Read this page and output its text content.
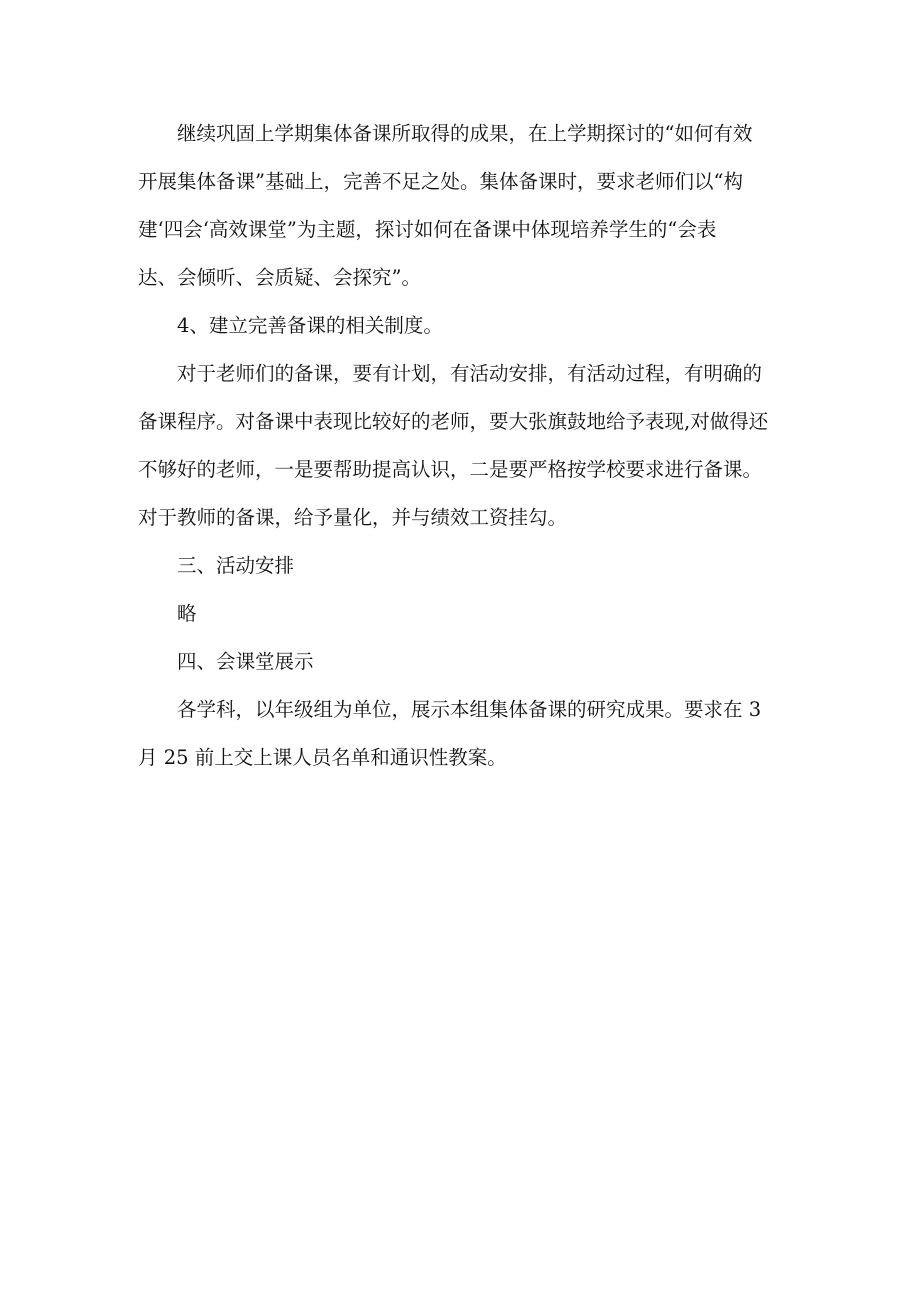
继续巩固上学期集体备课所取得的成果，在上学期探讨的“如何有效
开展集体备课”基础上，完善不足之处。集体备课时，要求老师们以“构
建‘四会‘高效课堂”为主题，探讨如何在备课中体现培养学生的“会表
达、会倾听、会质疑、会探究”。
4、建立完善备课的相关制度。
对于老师们的备课，要有计划，有活动安排，有活动过程，有明确的
备课程序。对备课中表现比较好的老师，要大张旗鼓地给予表现,对做得还
不够好的老师，一是要帮助提高认识，二是要严格按学校要求进行备课。
对于教师的备课，给予量化，并与绩效工资挂勾。
三、活动安排
略
四、会课堂展示
各学科，以年级组为单位，展示本组集体备课的研究成果。要求在 3
月 25 前上交上课人员名单和通识性教案。
